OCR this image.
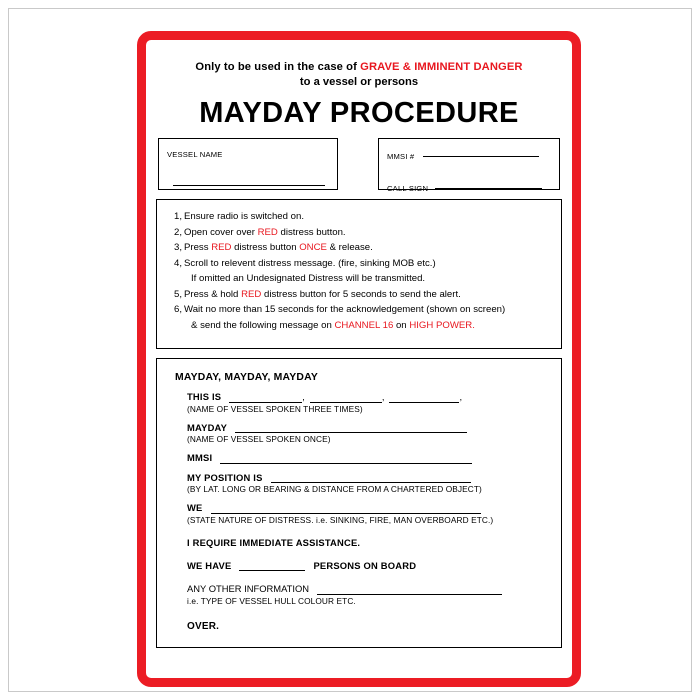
Only to be used in the case of GRAVE & IMMINENT DANGER
to a vessel or persons
MAYDAY PROCEDURE
VESSEL NAME	MMSI #
CALL SIGN
1, Ensure radio is switched on.
2, Open cover over RED distress button.
3, Press RED distress button ONCE & release.
4, Scroll to relevent distress message. (fire, sinking MOB etc.)
If omitted an Undesignated Distress will be transmitted.
5, Press & hold RED distress button for 5 seconds to send the alert.
6, Wait no more than 15 seconds for the acknowledgement (shown on screen)
& send the following message on CHANNEL 16 on HIGH POWER.
MAYDAY, MAYDAY, MAYDAY
THIS IS	,	,	,
(NAME OF VESSEL SPOKEN THREE TIMES)
MAYDAY
(NAME OF VESSEL SPOKEN ONCE)
MMSI
MY POSITION IS
(BY LAT. LONG OR BEARING & DISTANCE FROM A CHARTERED OBJECT)
WE
(STATE NATURE OF DISTRESS. i.e. SINKING, FIRE, MAN OVERBOARD ETC.)
I REQUIRE IMMEDIATE ASSISTANCE.
WE HAVE	PERSONS ON BOARD
ANY OTHER INFORMATION
i.e. TYPE OF VESSEL HULL COLOUR ETC.
OVER.
